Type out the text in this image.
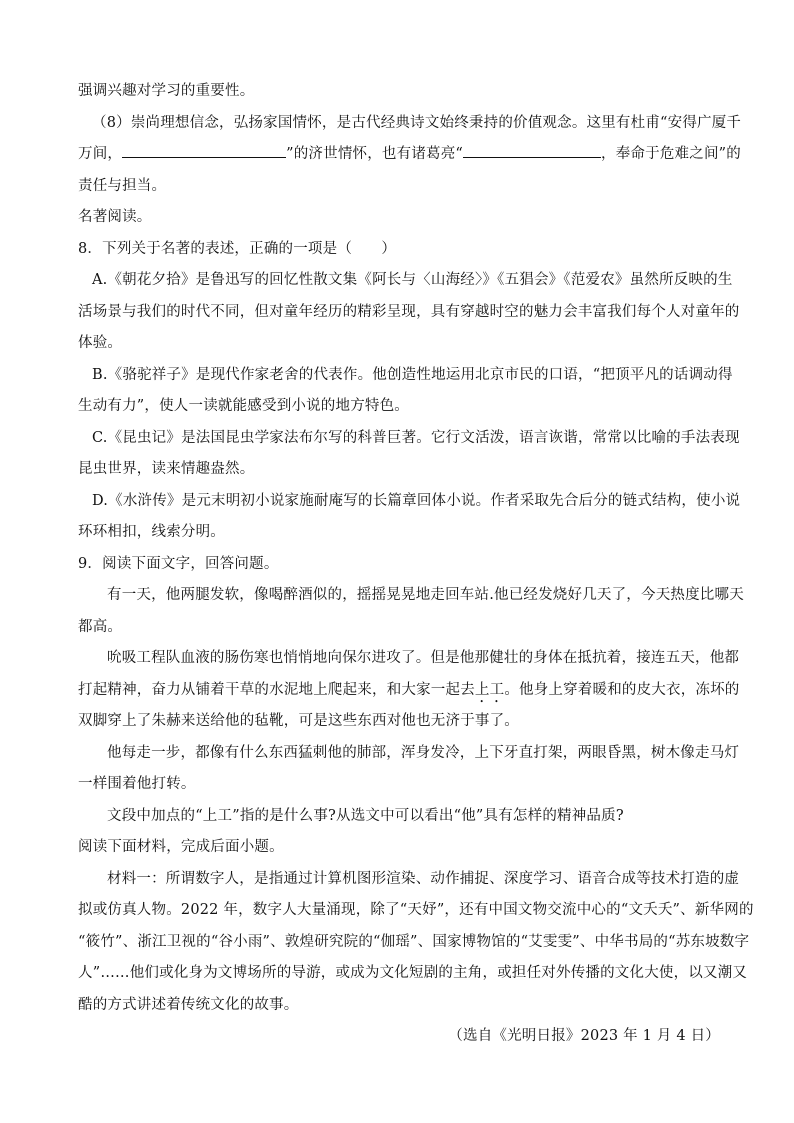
强调兴趣对学习的重要性。

（8）崇尚理想信念，弘扬家国情怀，是古代经典诗文始终秉持的价值观念。这里有杜甫“安得广厦千

万间，	”的济世情怀，也有诸葛亮“	，奉命于危难之间”的

责任与担当。

名著阅读。

8．下列关于名著的表述，正确的一项是（　　）

A.《朝花夕拾》是鲁迅写的回忆性散文集《阿长与〈山海经〉》《五猖会》《范爱农》虽然所反映的生

活场景与我们的时代不同，但对童年经历的精彩呈现，具有穿越时空的魅力会丰富我们每个人对童年的

体验。

B.《骆驼祥子》是现代作家老舍的代表作。他创造性地运用北京市民的口语，“把顶平凡的话调动得

生动有力”，使人一读就能感受到小说的地方特色。

C.《昆虫记》是法国昆虫学家法布尔写的科普巨著。它行文活泼，语言诙谐，常常以比喻的手法表现

昆虫世界，读来情趣盎然。

D.《水浒传》是元末明初小说家施耐庵写的长篇章回体小说。作者采取先合后分的链式结构，使小说

环环相扣，线索分明。

9．阅读下面文字，回答问题。

有一天，他两腿发软，像喝醉酒似的，摇摇晃晃地走回车站.他已经发烧好几天了，今天热度比哪天

都高。

吮吸工程队血液的肠伤寒也悄悄地向保尔进攻了。但是他那健壮的身体在抵抗着，接连五天，他都

打起精神，奋力从铺着干草的水泥地上爬起来，和大家一起去上工。他身上穿着暖和的皮大衣，冻坏的

双脚穿上了朱赫来送给他的毡靴，可是这些东西对他也无济于事了。

他每走一步，都像有什么东西猛刺他的肺部，浑身发冷，上下牙直打架，两眼昏黑，树木像走马灯

一样围着他打转。

文段中加点的“上工”指的是什么事?从选文中可以看出“他”具有怎样的精神品质?

阅读下面材料，完成后面小题。

材料一：所谓数字人，是指通过计算机图形渲染、动作捕捉、深度学习、语音合成等技术打造的虚

拟或仿真人物。2022 年，数字人大量涌现，除了“天妤”，还有中国文物交流中心的“文夭夭”、新华网的

“筱竹”、浙江卫视的“谷小雨”、敦煌研究院的“伽瑶”、国家博物馆的“艾雯雯”、中华书局的“苏东坡数字

人”……他们或化身为文博场所的导游，或成为文化短剧的主角，或担任对外传播的文化大使，以又潮又

酷的方式讲述着传统文化的故事。

（选自《光明日报》2023 年 1 月 4 日）
